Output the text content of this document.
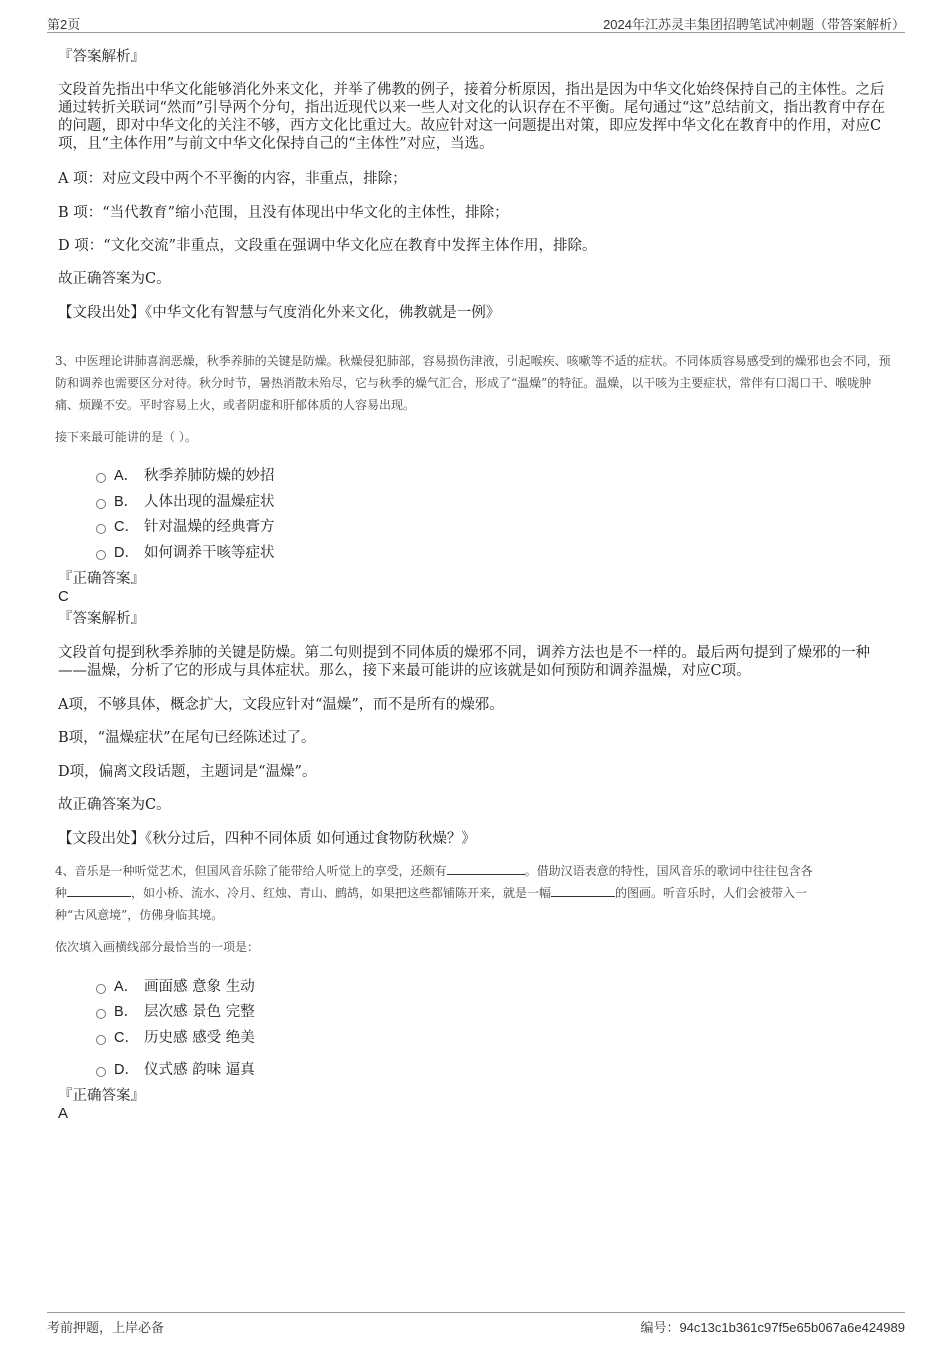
第2页	2024年江苏灵丰集团招聘笔试冲刺题（带答案解析）
『答案解析』
文段首先指出中华文化能够消化外来文化，并举了佛教的例子，接着分析原因，指出是因为中华文化始终保持自己的主体性。之后通过转折关联词“然而”引导两个分句，指出近现代以来一些人对文化的认识存在不平衡。尾句通过“这”总结前文，指出教育中存在的问题，即对中华文化的关注不够，西方文化比重过大。故应针对这一问题提出对策，即应发挥中华文化在教育中的作用，对应C 项，且“主体作用”与前文中华文化保持自己的“主体性”对应，当选。
A 项：对应文段中两个不平衡的内容，非重点，排除；
B 项：“当代教育”缩小范围，且没有体现出中华文化的主体性，排除；
D 项：“文化交流”非重点，文段重在强调中华文化应在教育中发挥主体作用，排除。
故正确答案为C。
【文段出处】《中华文化有智慧与气度消化外来文化，佛教就是一例》
3、中医理论讲肺喜润恶燥，秋季养肺的关键是防燥。秋燥侵犯肺部，容易损伤津液，引起喉疾、咳嗽等不适的症状。不同体质容易感受到的燥邪也会不同，预防和调养也需要区分对待。秋分时节，暑热消散未殆尽，它与秋季的燥气汇合，形成了“温燥”的特征。温燥，以干咳为主要症状，常伴有口渴口干、喉咙肿痛、烦躁不安。平时容易上火，或者阴虚和肝郁体质的人容易出现。
接下来最可能讲的是（ ）。
A． 秋季养肺防燥的妙招
B． 人体出现的温燥症状
C． 针对温燥的经典膏方
D． 如何调养干咳等症状
『正确答案』
C
『答案解析』
文段首句提到秋季养肺的关键是防燥。第二句则提到不同体质的燥邪不同，调养方法也是不一样的。最后两句提到了燥邪的一种——温燥，分析了它的形成与具体症状。那么，接下来最可能讲的应该就是如何预防和调养温燥，对应C项。
A项，不够具体，概念扩大，文段应针对“温燥”，而不是所有的燥邪。
B项，“温燥症状”在尾句已经陈述过了。
D项，偏离文段话题，主题词是“温燥”。
故正确答案为C。
【文段出处】《秋分过后，四种不同体质 如何通过食物防秋燥？》
4、音乐是一种听觉艺术，但国风音乐除了能带给人听觉上的享受，还颇有	。借助汉语表意的特性，国风音乐的歌词中往往包含各
种	，如小桥、流水、冷月、红烛、青山、鹧鸪，如果把这些都铺陈开来，就是一幅	的图画。听音乐时，人们会被带入一
种“古风意境”，仿佛身临其境。
依次填入画横线部分最恰当的一项是：
A． 画面感 意象 生动
B． 层次感 景色 完整
C． 历史感 感受 绝美
D． 仪式感 韵味 逼真
『正确答案』
A
考前押题，上岸必备	编号：94c13c1b361c97f5e65b067a6e424989
